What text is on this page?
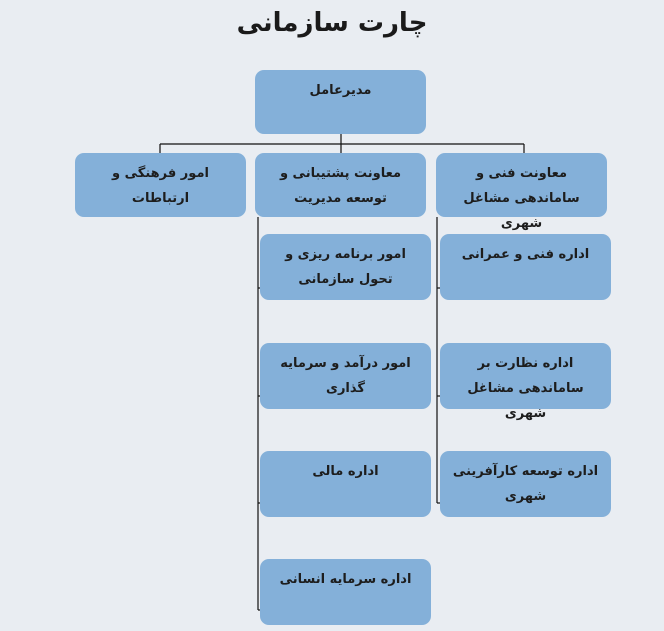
چارت سازمانی
مدیرعامل
امور فرهنگی و ارتباطات
معاونت پشتیبانی و توسعه مدیریت
معاونت فنی و ساماندهی مشاغل شهری
امور برنامه ریزی و تحول سازمانی
امور درآمد و سرمایه گذاری
اداره مالی
اداره سرمایه انسانی
اداره فنی و عمرانی
اداره نظارت بر ساماندهی مشاغل شهری
اداره توسعه کارآفرینی شهری
